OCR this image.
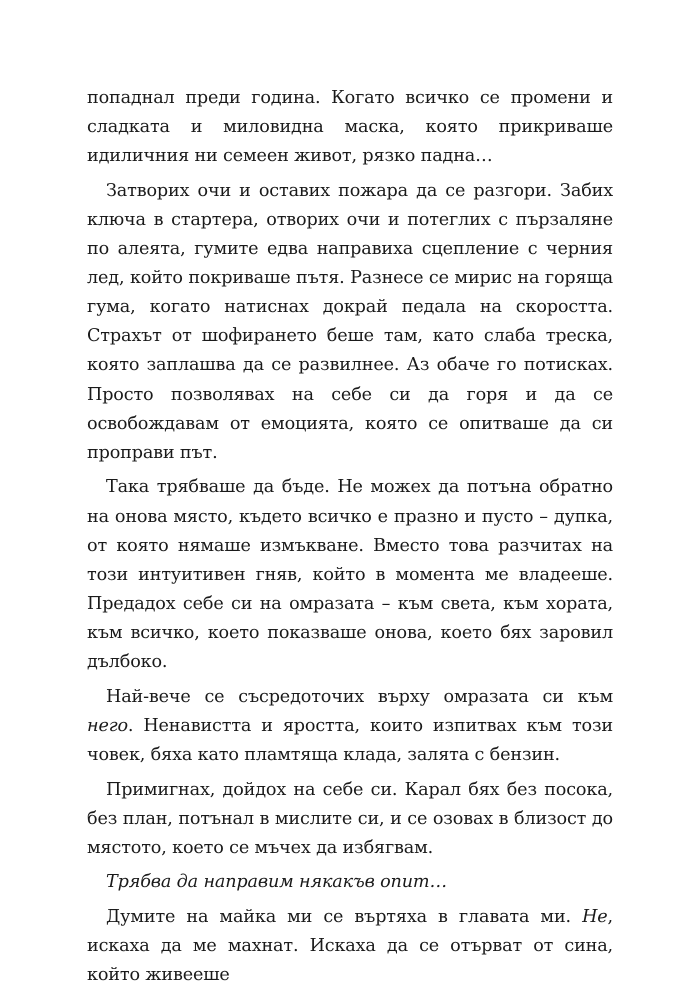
попаднал преди година. Когато всичко се промени и сладката и миловидна маска, която прикриваше идиличния ни семеен живот, рязко падна…

Затворих очи и оставих пожара да се разгори. Забих ключа в стартера, отворих очи и потеглих с пързаляне по алеята, гумите едва направиха сцепление с черния лед, който покриваше пътя. Разнесе се мирис на горяща гума, когато натиснах докрай педала на скоростта. Страхът от шофирането беше там, като слаба треска, която заплашва да се развилнее. Аз обаче го потисках. Просто позволявах на себе си да горя и да се освобождавам от емоцията, която се опитваше да си проправи път.

Така трябваше да бъде. Не можех да потъна обратно на онова място, където всичко е празно и пусто – дупка, от която нямаше измъкване. Вместо това разчитах на този интуитивен гняв, който в момента ме владееше. Предадох себе си на омразата – към света, към хората, към всичко, което показваше онова, което бях заровил дълбоко.

Най-вече се съсредоточих върху омразата си към него. Ненавистта и яростта, които изпитвах към този човек, бяха като пламтяща клада, залята с бензин.

Примигнах, дойдох на себе си. Карал бях без посока, без план, потънал в мислите си, и се озовах в близост до мястото, което се мъчех да избягвам.

Трябва да направим някакъв опит…

Думите на майка ми се въртяха в главата ми. Не, искаха да ме махнат. Искаха да се отърват от сина, който живееше
